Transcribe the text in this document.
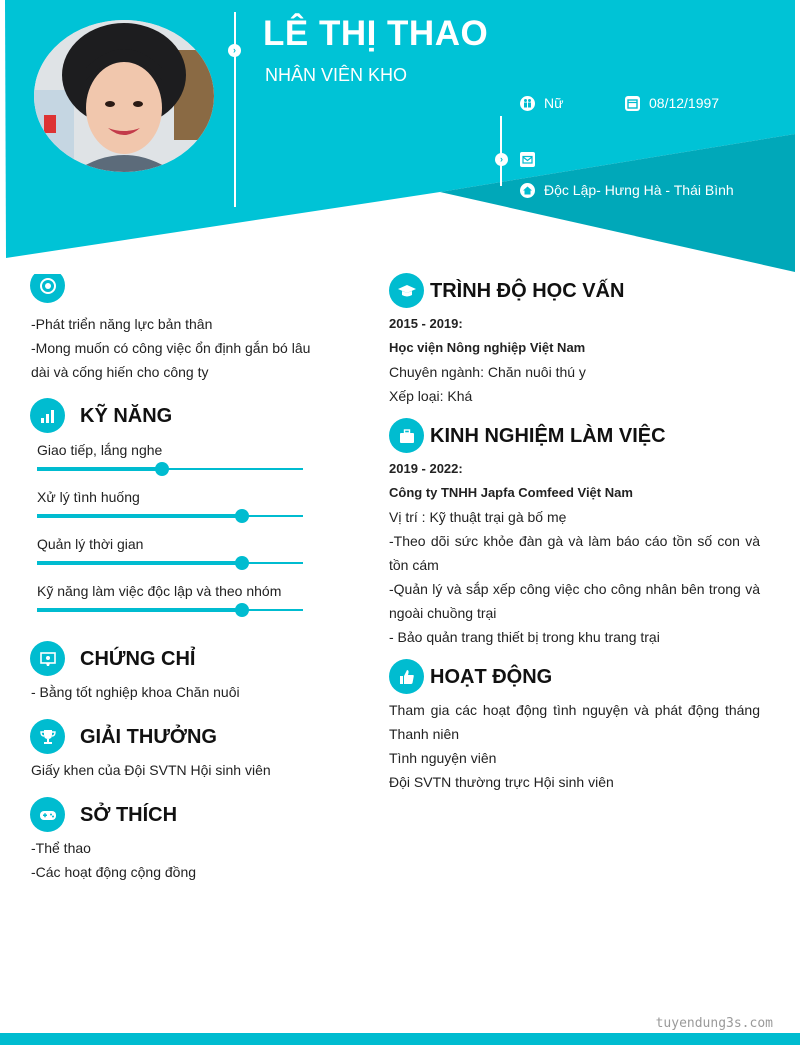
› LÊ THỊ THAO
NHÂN VIÊN KHO
›
Nữ	08/12/1997
Độc Lập- Hưng Hà - Thái Bình
-Phát triển năng lực bản thân
-Mong muốn có công việc ổn định gắn bó lâu
dài và cống hiến cho công ty
KỸ NĂNG
Giao tiếp, lắng nghe
Xử lý tình huống
Quản lý thời gian
Kỹ năng làm việc độc lập và theo nhóm
CHỨNG CHỈ
- Bằng tốt nghiệp khoa Chăn nuôi
GIẢI THƯỞNG
Giấy khen của Đội SVTN Hội sinh viên
SỞ THÍCH
-Thể thao
-Các hoạt động cộng đồng
TRÌNH ĐỘ HỌC VẤN
2015 - 2019:
Học viện Nông nghiệp Việt Nam
Chuyên ngành: Chăn nuôi thú y
Xếp loại: Khá
KINH NGHIỆM LÀM VIỆC
2019 - 2022:
Công ty TNHH Japfa Comfeed Việt Nam
Vị trí : Kỹ thuật trại gà bố mẹ
-Theo dõi sức khỏe đàn gà và làm báo cáo tồn số con và tồn cám
-Quản lý và sắp xếp công việc cho công nhân bên trong và ngoài chuồng trại
- Bảo quản trang thiết bị trong khu trang trại
HOẠT ĐỘNG
Tham gia các hoạt động tình nguyện và phát động tháng Thanh niên
Tình nguyện viên
Đội SVTN thường trực Hội sinh viên
tuyendung3s.com
